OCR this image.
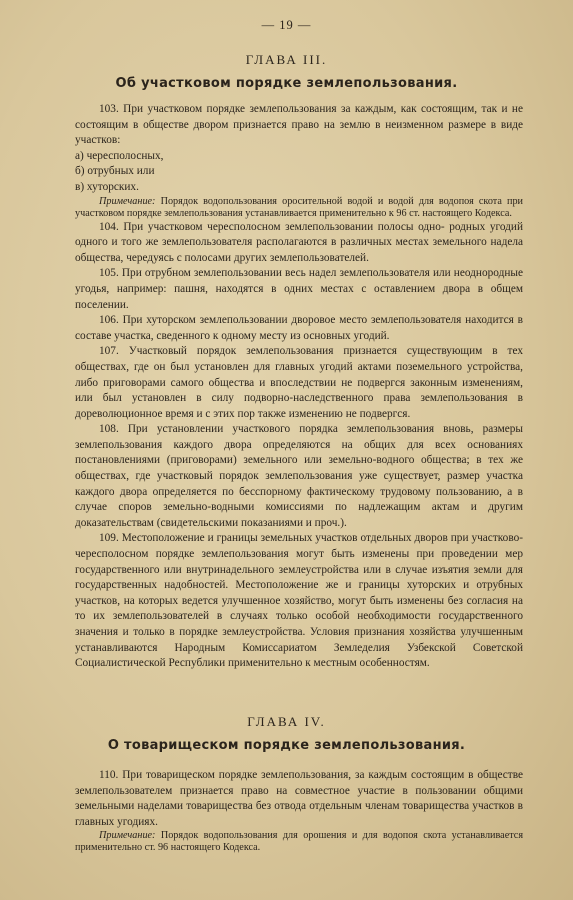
— 19 —
ГЛАВА III.
Об участковом порядке землепользования.

103. При участковом порядке землепользования за каждым, как состоящим, так и не состоящим в обществе двором признается право на землю в неизменном размере в виде участков:

а) чересполосных,
б) отрубных или
в) хуторских.

Примечание: Порядок водопользования оросительной водой и водой для водопоя скота при участковом порядке землепользования устанавливается применительно к 96 ст. настоящего Кодекса.

104. При участковом чересполосном землепользовании полосы одно- родных угодий одного и того же землепользователя располагаются в различных местах земельного надела общества, чередуясь с полосами других землепользователей.

105. При отрубном землепользовании весь надел землепользователя или неоднородные угодья, например: пашня, находятся в одних местах с оставлением двора в общем поселении.

106. При хуторском землепользовании дворовое место землепользователя находится в составе участка, сведенного к одному месту из основных угодий.

107. Участковый порядок землепользования признается существующим в тех обществах, где он был установлен для главных угодий актами поземельного устройства, либо приговорами самого общества и впоследствии не подвергся законным изменениям, или был установлен в силу подворно-наследственного права землепользования в дореволюционное время и с этих пор также изменению не подвергся.

108. При установлении участкового порядка землепользования вновь, размеры землепользования каждого двора определяются на общих для всех основаниях постановлениями (приговорами) земельного или земельно-водного общества; в тех же обществах, где участковый порядок землепользования уже существует, размер участка каждого двора определяется по бесспорному фактическому трудовому пользованию, а в случае споров земельно-водными комиссиями по надлежащим актам и другим доказательствам (свидетельскими показаниями и проч.).

109. Местоположение и границы земельных участков отдельных дворов при участково-чересполосном порядке землепользования могут быть изменены при проведении мер государственного или внутринадельного землеустройства или в случае изъятия земли для государственных надобностей. Местоположение же и границы хуторских и отрубных участков, на которых ведется улучшенное хозяйство, могут быть изменены без согласия на то их землепользователей в случаях только особой необходимости государственного значения и только в порядке землеустройства. Условия признания хозяйства улучшенным устанавливаются Народным Комиссариатом Земледелия Узбекской Советской Социалистической Республики применительно к местным особенностям.

ГЛАВА IV.
О товарищеском порядке землепользования.

110. При товарищеском порядке землепользования, за каждым состоящим в обществе землепользователем признается право на совместное участие в пользовании общими земельными наделами товарищества без отвода отдельным членам товарищества участков в главных угодиях.

Примечание: Порядок водопользования для орошения и для водопоя скота устанавливается применительно ст. 96 настоящего Кодекса.
